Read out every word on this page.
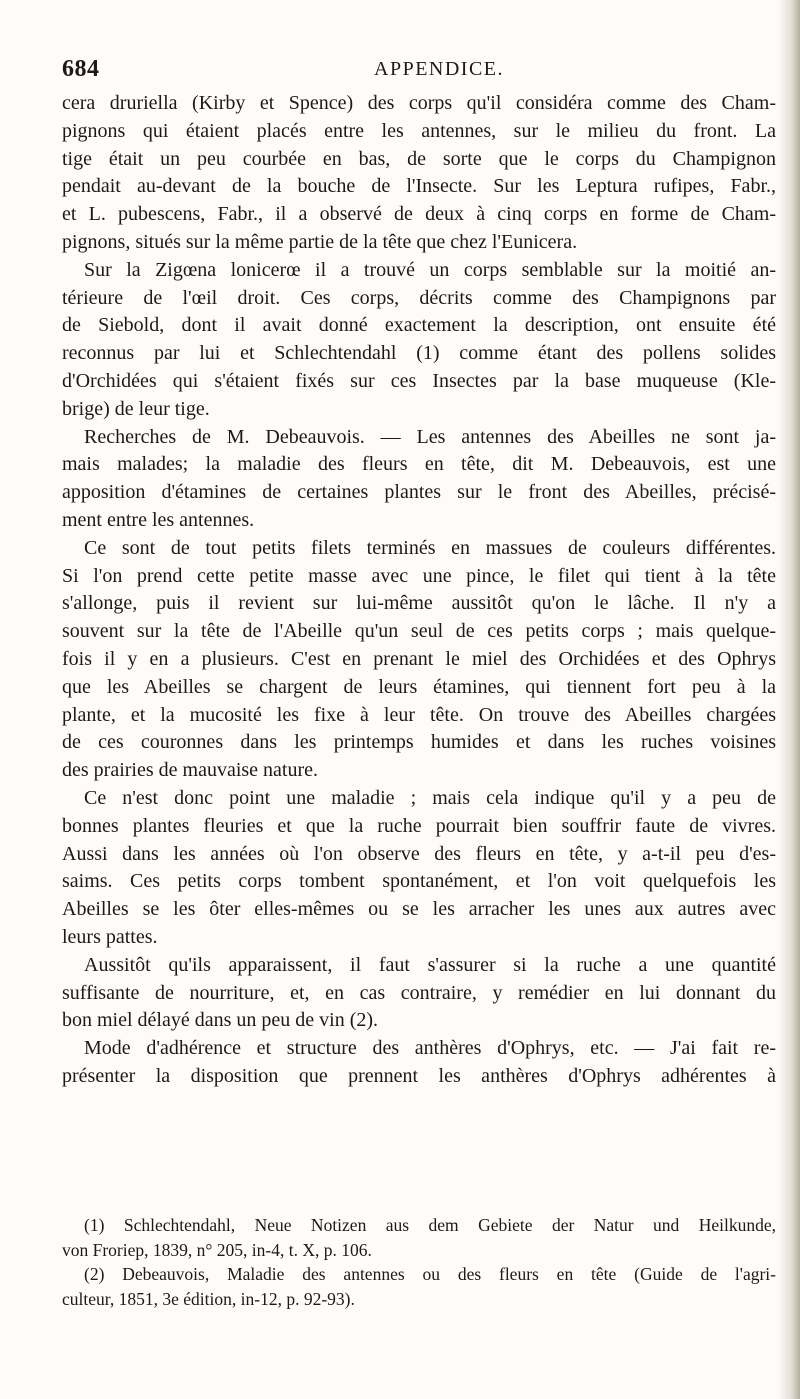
684	APPENDICE.
cera druriella (Kirby et Spence) des corps qu'il considéra comme des Cham-
pignons qui étaient placés entre les antennes, sur le milieu du front. La
tige était un peu courbée en bas, de sorte que le corps du Champignon
pendait au-devant de la bouche de l'Insecte. Sur les Leptura rufipes, Fabr.,
et L. pubescens, Fabr., il a observé de deux à cinq corps en forme de Cham-
pignons, situés sur la même partie de la tête que chez l'Eunicera.
Sur la Zigœna lonicerœ il a trouvé un corps semblable sur la moitié an-
térieure de l'œil droit. Ces corps, décrits comme des Champignons par
de Siebold, dont il avait donné exactement la description, ont ensuite été
reconnus par lui et Schlechtendahl (1) comme étant des pollens solides
d'Orchidées qui s'étaient fixés sur ces Insectes par la base muqueuse (Kle-
brige) de leur tige.
Recherches de M. Debeauvois. — Les antennes des Abeilles ne sont ja-
mais malades; la maladie des fleurs en tête, dit M. Debeauvois, est une
apposition d'étamines de certaines plantes sur le front des Abeilles, précisé-
ment entre les antennes.
Ce sont de tout petits filets terminés en massues de couleurs différentes.
Si l'on prend cette petite masse avec une pince, le filet qui tient à la tête
s'allonge, puis il revient sur lui-même aussitôt qu'on le lâche. Il n'y a
souvent sur la tête de l'Abeille qu'un seul de ces petits corps ; mais quelque-
fois il y en a plusieurs. C'est en prenant le miel des Orchidées et des Ophrys
que les Abeilles se chargent de leurs étamines, qui tiennent fort peu à la
plante, et la mucosité les fixe à leur tête. On trouve des Abeilles chargées
de ces couronnes dans les printemps humides et dans les ruches voisines
des prairies de mauvaise nature.
Ce n'est donc point une maladie ; mais cela indique qu'il y a peu de
bonnes plantes fleuries et que la ruche pourrait bien souffrir faute de vivres.
Aussi dans les années où l'on observe des fleurs en tête, y a-t-il peu d'es-
saims. Ces petits corps tombent spontanément, et l'on voit quelquefois les
Abeilles se les ôter elles-mêmes ou se les arracher les unes aux autres avec
leurs pattes.
Aussitôt qu'ils apparaissent, il faut s'assurer si la ruche a une quantité
suffisante de nourriture, et, en cas contraire, y remédier en lui donnant du
bon miel délayé dans un peu de vin (2).
Mode d'adhérence et structure des anthères d'Ophrys, etc. — J'ai fait re-
présenter la disposition que prennent les anthères d'Ophrys adhérentes à
(1) Schlechtendahl, Neue Notizen aus dem Gebiete der Natur und Heilkunde,
von Froriep, 1839, n° 205, in-4, t. X, p. 106.
(2) Debeauvois, Maladie des antennes ou des fleurs en tête (Guide de l'agri-
culteur, 1851, 3e édition, in-12, p. 92-93).
